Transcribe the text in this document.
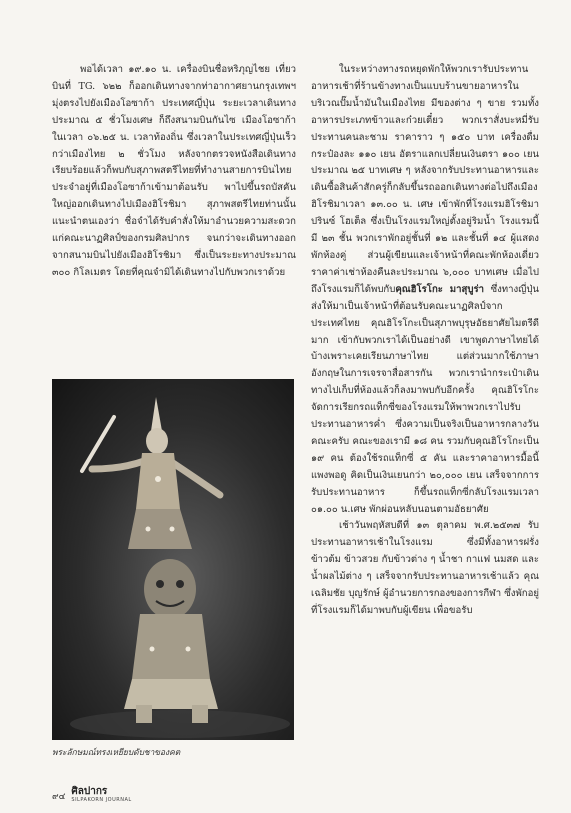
พอได้เวลา ๑๙.๑๐ น. เครื่องบินชื่อหริภุญไชย เที่ยวบินที่ TG. ๖๒๒ ก็ออกเดินทางจากท่าอากาศยานกรุงเทพฯ มุ่งตรงไปยังเมืองโอซาก้า ประเทศญี่ปุ่น ระยะเวลาเดินทางประมาณ ๕ ชั่วโมงเศษ ก็ถึงสนามบินกันไซ เมืองโอซาก้า ในเวลา ๐๖.๒๕ น. เวลาท้องถิ่น ซึ่งเวลาในประเทศญี่ปุ่นเร็วกว่าเมืองไทย ๒ ชั่วโมง หลังจากตรวจหนังสือเดินทางเรียบร้อยแล้วก็พบกับสุภาพสตรีไทยที่ทำงานสายการบินไทยประจำอยู่ที่เมืองโอซาก้าเข้ามาต้อนรับ พาไปขึ้นรถบัสคันใหญ่ออกเดินทางไปเมืองฮิโรชิมา สุภาพสตรีไทยท่านนั้นแนะนำตนเองว่า ชื่อจำได้รับคำสั่งให้มาอำนวยความสะดวกแก่คณะนาฏศิลป์ของกรมศิลปากร จนกว่าจะเดินทางออกจากสนามบินไปยังเมืองฮิโรชิมา ซึ่งเป็นระยะทางประมาณ ๓๐๐ กิโลเมตร โดยที่คุณจำมิได้เดินทางไปกับพวกเราด้วย

พระลักษมณ์ทรงเหยียบดับชาของคต

ในระหว่างทางรถหยุดพักให้พวกเรารับประทานอาหารเช้าที่ร้านข้างทางเป็นแบบร้านขายอาหารในบริเวณปั๊มน้ำมันในเมืองไทย มีของต่าง ๆ ขาย รวมทั้งอาหารประเภทข้าวและก๋วยเตี๋ยว พวกเราสั่งบะหมี่รับประทานคนละชาม ราคาราว ๆ ๑๕๐ บาท เครื่องดื่มกระป๋องละ ๑๑๐ เยน อัตราแลกเปลี่ยนเงินตรา ๑๐๐ เยน ประมาณ ๒๕ บาทเศษ ๆ หลังจากรับประทานอาหารและเดินซื้อสินค้าสักครู่ก็กลับขึ้นรถออกเดินทางต่อไปถึงเมืองฮิโรชิมาเวลา ๑๓.๐๐ น. เศษ เข้าพักที่โรงแรมฮิโรชิมา ปรินซ์ โฮเต็ล ซึ่งเป็นโรงแรมใหญ่ตั้งอยู่ริมน้ำ โรงแรมนี้มี ๒๓ ชั้น พวกเราพักอยู่ชั้นที่ ๑๒ และชั้นที่ ๑๔ ผู้แสดงพักห้องคู่ ส่วนผู้เขียนและเจ้าหน้าที่คณะพักห้องเดี่ยว ราคาค่าเช่าห้องคืนละประมาณ ๖,๐๐๐ บาทเศษ เมื่อไปถึงโรงแรมก็ได้พบกับคุณฮิโรโกะ มาสุบูร่า ซึ่งทางญี่ปุ่นส่งให้มาเป็นเจ้าหน้าที่ต้อนรับคณะนาฏศิลป์จากประเทศไทย คุณฮิโรโกะเป็นสุภาพบุรุษอัธยาศัยไมตรีดีมาก เข้ากับพวกเราได้เป็นอย่างดี เขาพูดภาษาไทยได้บ้างเพราะเคยเรียนภาษาไทย แต่ส่วนมากใช้ภาษาอังกฤษในการเจรจาสื่อสารกัน พวกเรานำกระเป๋าเดินทางไปเก็บที่ห้องแล้วก็ลงมาพบกับอีกครั้ง คุณฮิโรโกะ จัดการเรียกรถแท็กซี่ของโรงแรมให้พาพวกเราไปรับประทานอาหารค่ำ ซึ่งความเป็นจริงเป็นอาหารกลางวันคณะครับ คณะของเรามี ๑๘ คน รวมกับคุณฮิโรโกะเป็น ๑๙ คน ต้องใช้รถแท็กซี่ ๕ คัน และราคาอาหารมื้อนี้แพงพอดู คิดเป็นเงินเยนกว่า ๒๐,๐๐๐ เยน เสร็จจากการรับประทานอาหาร ก็ขึ้นรถแท็กซี่กลับโรงแรมเวลา ๐๑.๐๐ น.เศษ พักผ่อนหลับนอนตามอัธยาศัย

เช้าวันพฤหัสบดีที่ ๑๓ ตุลาคม พ.ศ.๒๕๓๗ รับประทานอาหารเช้าในโรงแรม ซึ่งมีทั้งอาหารฝรั่ง ข้าวต้ม ข้าวสวย กับข้าวต่าง ๆ น้ำชา กาแฟ นมสด และน้ำผลไม้ต่าง ๆ เสร็จจากรับประทานอาหารเช้าแล้ว คุณเฉลิมชัย บุญรักษ์ ผู้อำนวยการกองของการกีฬา ซึ่งพักอยู่ที่โรงแรมก็ได้มาพบกับผู้เขียน เพื่อขอรับ

๙๔ ศิลปากร
SILPAKORN JOURNAL
